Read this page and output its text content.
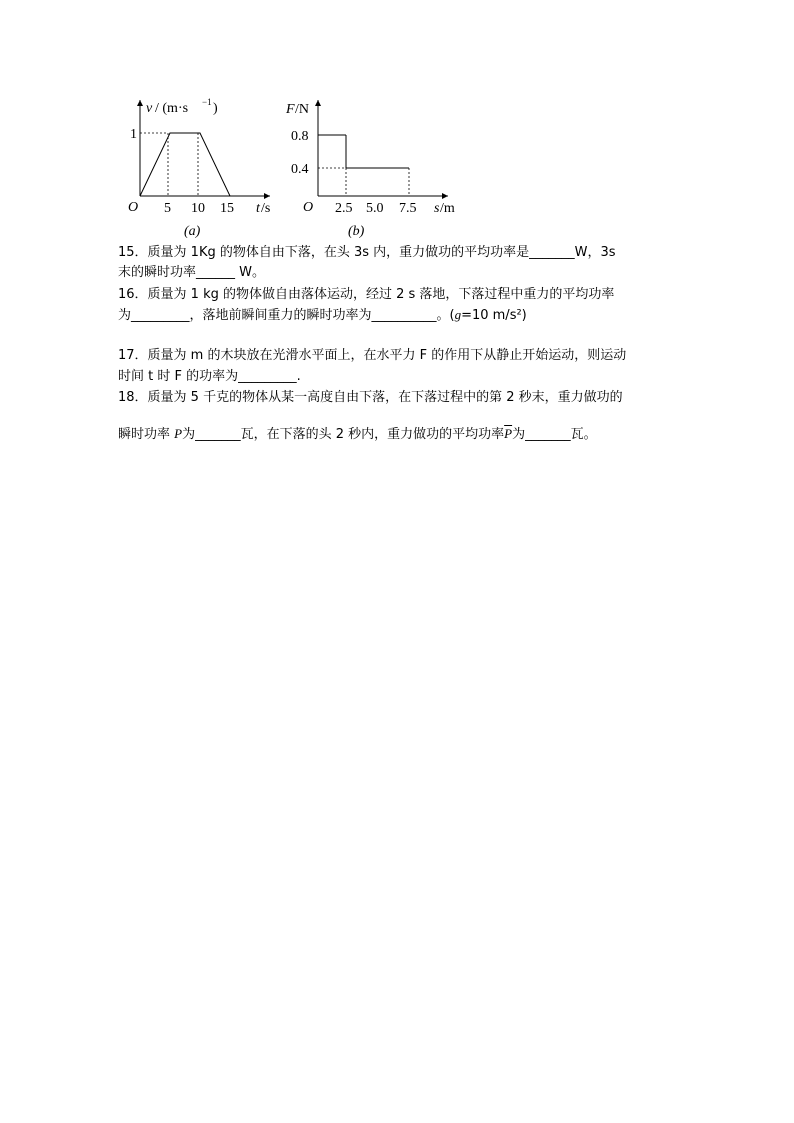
v / (m·s −1 )
1
O 5 10 15 t /s
(a)
F /N
0.8
0.4
O 2.5 5.0 7.5 s /m
(b)
15．质量为 1Kg 的物体自由下落，在头 3s 内，重力做功的平均功率是_______W，3s
末的瞬时功率______ W。
16．质量为 1 kg 的物体做自由落体运动，经过 2 s 落地，下落过程中重力的平均功率
为_________，落地前瞬间重力的瞬时功率为__________。(g=10 m/s²)
17．质量为 m 的木块放在光滑水平面上，在水平力 F 的作用下从静止开始运动，则运动
时间 t 时 F 的功率为_________.
18．质量为 5 千克的物体从某一高度自由下落，在下落过程中的第 2 秒末，重力做功的
瞬时功率 P为_______瓦，在下落的头 2 秒内，重力做功的平均功率$\overline{P}$为_______瓦。
